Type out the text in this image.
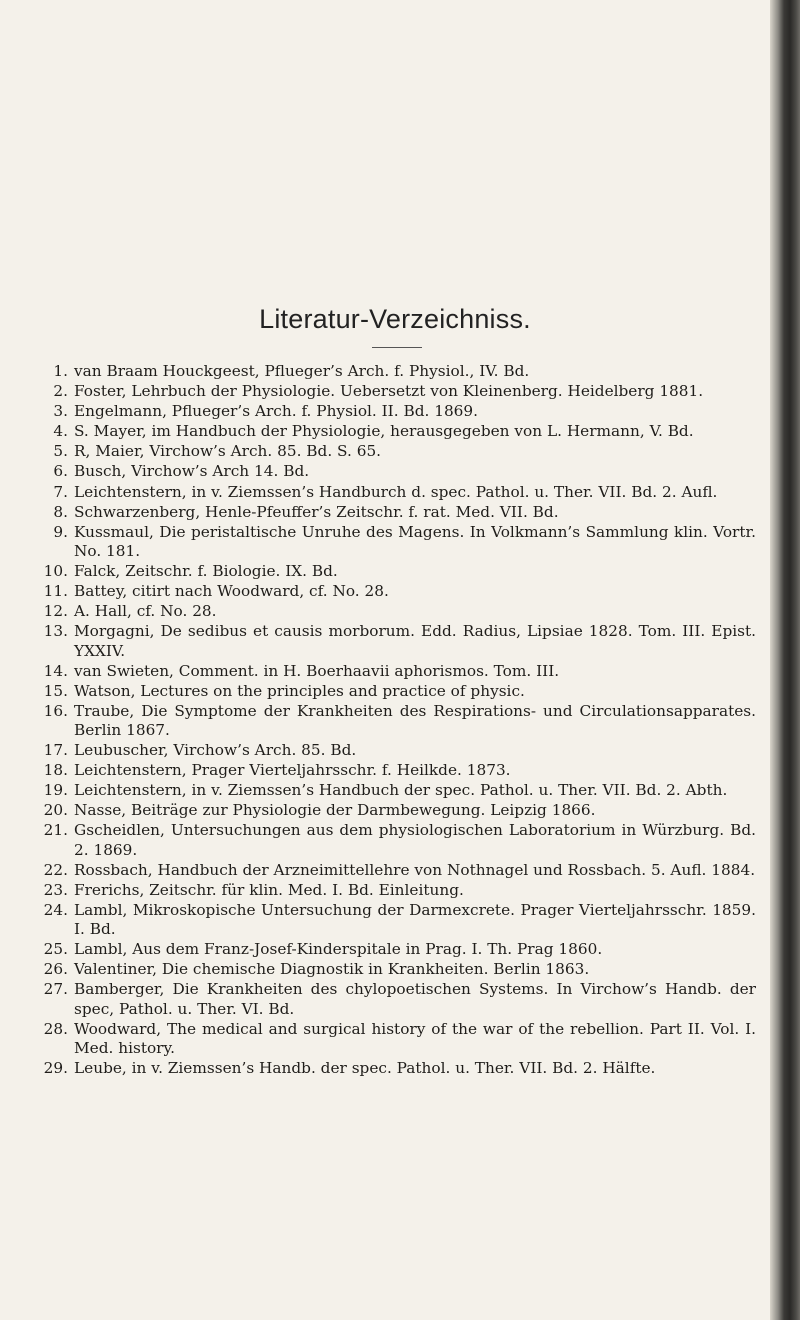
Literatur-Verzeichniss.
1. van Braam Houckgeest, Pflueger’s Arch. f. Physiol., IV. Bd.
2. Foster, Lehrbuch der Physiologie. Uebersetzt von Kleinenberg. Heidelberg 1881.
3. Engelmann, Pflueger’s Arch. f. Physiol. II. Bd. 1869.
4. S. Mayer, im Handbuch der Physiologie, herausgegeben von L. Hermann, V. Bd.
5. R, Maier, Virchow’s Arch. 85. Bd. S. 65.
6. Busch, Virchow’s Arch 14. Bd.
7. Leichtenstern, in v. Ziemssen’s Handburch d. spec. Pathol. u. Ther. VII. Bd. 2. Aufl.
8. Schwarzenberg, Henle-Pfeuffer’s Zeitschr. f. rat. Med. VII. Bd.
9. Kussmaul, Die peristaltische Unruhe des Magens. In Volkmann’s Sammlung klin. Vortr. No. 181.
10. Falck, Zeitschr. f. Biologie. IX. Bd.
11. Battey, citirt nach Woodward, cf. No. 28.
12. A. Hall, cf. No. 28.
13. Morgagni, De sedibus et causis morborum. Edd. Radius, Lipsiae 1828. Tom. III. Epist. YXXIV.
14. van Swieten, Comment. in H. Boerhaavii aphorismos. Tom. III.
15. Watson, Lectures on the principles and practice of physic.
16. Traube, Die Symptome der Krankheiten des Respirations- und Circulationsapparates. Berlin 1867.
17. Leubuscher, Virchow’s Arch. 85. Bd.
18. Leichtenstern, Prager Vierteljahrsschr. f. Heilkde. 1873.
19. Leichtenstern, in v. Ziemssen’s Handbuch der spec. Pathol. u. Ther. VII. Bd. 2. Abth.
20. Nasse, Beiträge zur Physiologie der Darmbewegung. Leipzig 1866.
21. Gscheidlen, Untersuchungen aus dem physiologischen Laboratorium in Würzburg. Bd. 2. 1869.
22. Rossbach, Handbuch der Arzneimittellehre von Nothnagel und Rossbach. 5. Aufl. 1884.
23. Frerichs, Zeitschr. für klin. Med. I. Bd. Einleitung.
24. Lambl, Mikroskopische Untersuchung der Darmexcrete. Prager Vierteljahrsschr. 1859. I. Bd.
25. Lambl, Aus dem Franz-Josef-Kinderspitale in Prag. I. Th. Prag 1860.
26. Valentiner, Die chemische Diagnostik in Krankheiten. Berlin 1863.
27. Bamberger, Die Krankheiten des chylopoetischen Systems. In Virchow’s Handb. der spec, Pathol. u. Ther. VI. Bd.
28. Woodward, The medical and surgical history of the war of the rebellion. Part II. Vol. I. Med. history.
29. Leube, in v. Ziemssen’s Handb. der spec. Pathol. u. Ther. VII. Bd. 2. Hälfte.
